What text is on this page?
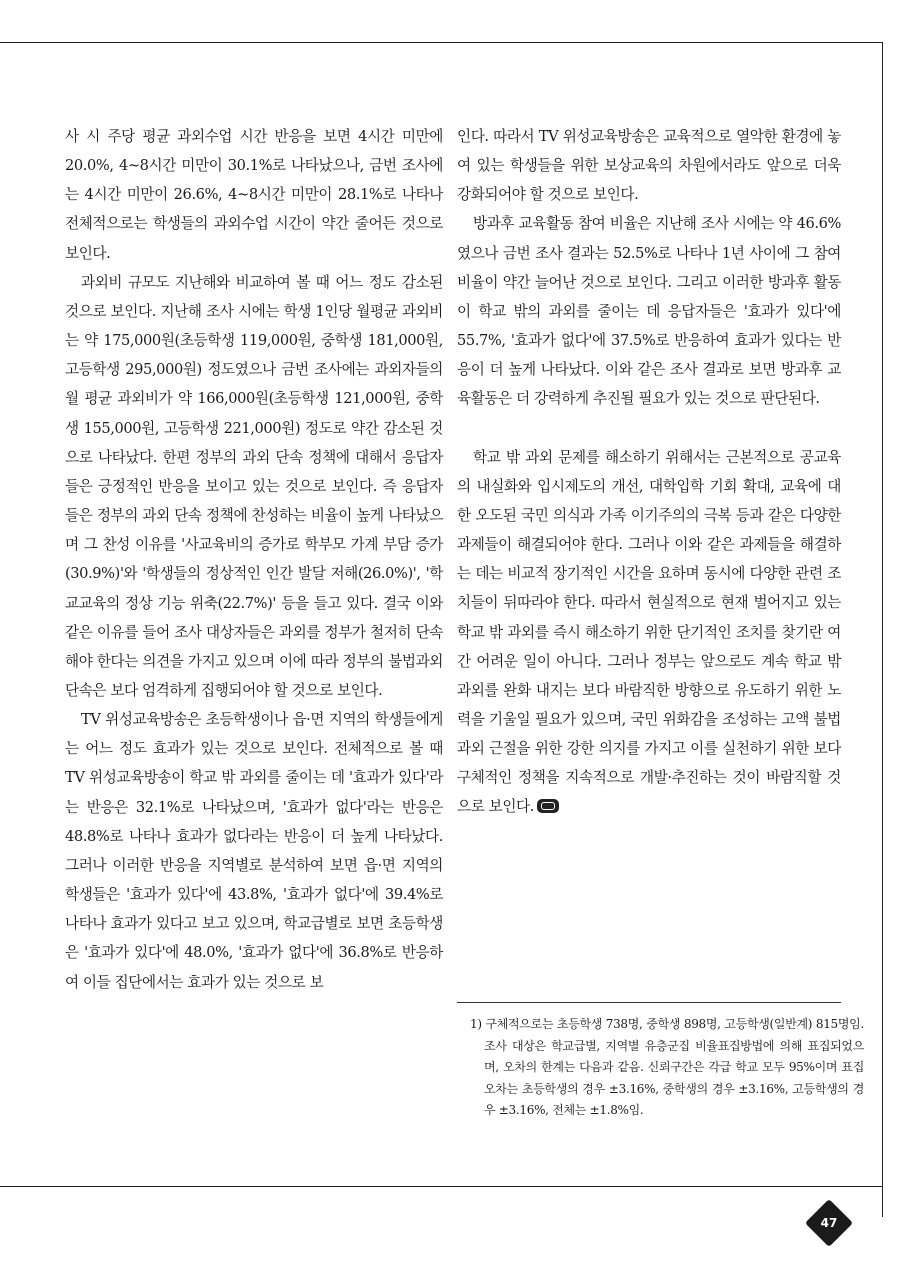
사 시 주당 평균 과외수업 시간 반응을 보면 4시간 미만에 20.0%, 4~8시간 미만이 30.1%로 나타났으나, 금번 조사에는 4시간 미만이 26.6%, 4~8시간 미만이 28.1%로 나타나 전체적으로는 학생들의 과외수업 시간이 약간 줄어든 것으로 보인다.

과외비 규모도 지난해와 비교하여 볼 때 어느 정도 감소된 것으로 보인다. 지난해 조사 시에는 학생 1인당 월평균 과외비는 약 175,000원(초등학생 119,000원, 중학생 181,000원, 고등학생 295,000원) 정도였으나 금번 조사에는 과외자들의 월 평균 과외비가 약 166,000원(초등학생 121,000원, 중학생 155,000원, 고등학생 221,000원) 정도로 약간 감소된 것으로 나타났다. 한편 정부의 과외 단속 정책에 대해서 응답자들은 긍정적인 반응을 보이고 있는 것으로 보인다. 즉 응답자들은 정부의 과외 단속 정책에 찬성하는 비율이 높게 나타났으며 그 찬성 이유를 '사교육비의 증가로 학부모 가계 부담 증가(30.9%)'와 '학생들의 정상적인 인간 발달 저해(26.0%)', '학교교육의 정상 기능 위축(22.7%)' 등을 들고 있다. 결국 이와 같은 이유를 들어 조사 대상자들은 과외를 정부가 철저히 단속해야 한다는 의견을 가지고 있으며 이에 따라 정부의 불법과외 단속은 보다 엄격하게 집행되어야 할 것으로 보인다.

TV 위성교육방송은 초등학생이나 읍·면 지역의 학생들에게는 어느 정도 효과가 있는 것으로 보인다. 전체적으로 볼 때 TV 위성교육방송이 학교 밖 과외를 줄이는 데 '효과가 있다'라는 반응은 32.1%로 나타났으며, '효과가 없다'라는 반응은 48.8%로 나타나 효과가 없다라는 반응이 더 높게 나타났다. 그러나 이러한 반응을 지역별로 분석하여 보면 읍·면 지역의 학생들은 '효과가 있다'에 43.8%, '효과가 없다'에 39.4%로 나타나 효과가 있다고 보고 있으며, 학교급별로 보면 초등학생은 '효과가 있다'에 48.0%, '효과가 없다'에 36.8%로 반응하여 이들 집단에서는 효과가 있는 것으로 보

인다. 따라서 TV 위성교육방송은 교육적으로 열악한 환경에 놓여 있는 학생들을 위한 보상교육의 차원에서라도 앞으로 더욱 강화되어야 할 것으로 보인다.

방과후 교육활동 참여 비율은 지난해 조사 시에는 약 46.6%였으나 금번 조사 결과는 52.5%로 나타나 1년 사이에 그 참여 비율이 약간 늘어난 것으로 보인다. 그리고 이러한 방과후 활동이 학교 밖의 과외를 줄이는 데 응답자들은 '효과가 있다'에 55.7%, '효과가 없다'에 37.5%로 반응하여 효과가 있다는 반응이 더 높게 나타났다. 이와 같은 조사 결과로 보면 방과후 교육활동은 더 강력하게 추진될 필요가 있는 것으로 판단된다.

학교 밖 과외 문제를 해소하기 위해서는 근본적으로 공교육의 내실화와 입시제도의 개선, 대학입학 기회 확대, 교육에 대한 오도된 국민 의식과 가족 이기주의의 극복 등과 같은 다양한 과제들이 해결되어야 한다. 그러나 이와 같은 과제들을 해결하는 데는 비교적 장기적인 시간을 요하며 동시에 다양한 관련 조치들이 뒤따라야 한다. 따라서 현실적으로 현재 벌어지고 있는 학교 밖 과외를 즉시 해소하기 위한 단기적인 조치를 찾기란 여간 어려운 일이 아니다. 그러나 정부는 앞으로도 계속 학교 밖 과외를 완화 내지는 보다 바람직한 방향으로 유도하기 위한 노력을 기울일 필요가 있으며, 국민 위화감을 조성하는 고액 불법과외 근절을 위한 강한 의지를 가지고 이를 실천하기 위한 보다 구체적인 정책을 지속적으로 개발·추진하는 것이 바람직할 것으로 보인다.

1) 구체적으로는 초등학생 738명, 중학생 898명, 고등학생(일반계) 815명임. 조사 대상은 학교급별, 지역별 유층군집 비율표집방법에 의해 표집되었으며, 오차의 한계는 다음과 같음. 신뢰구간은 각급 학교 모두 95%이며 표집오차는 초등학생의 경우 ±3.16%, 중학생의 경우 ±3.16%, 고등학생의 경우 ±3.16%, 전체는 ±1.8%임.
47
